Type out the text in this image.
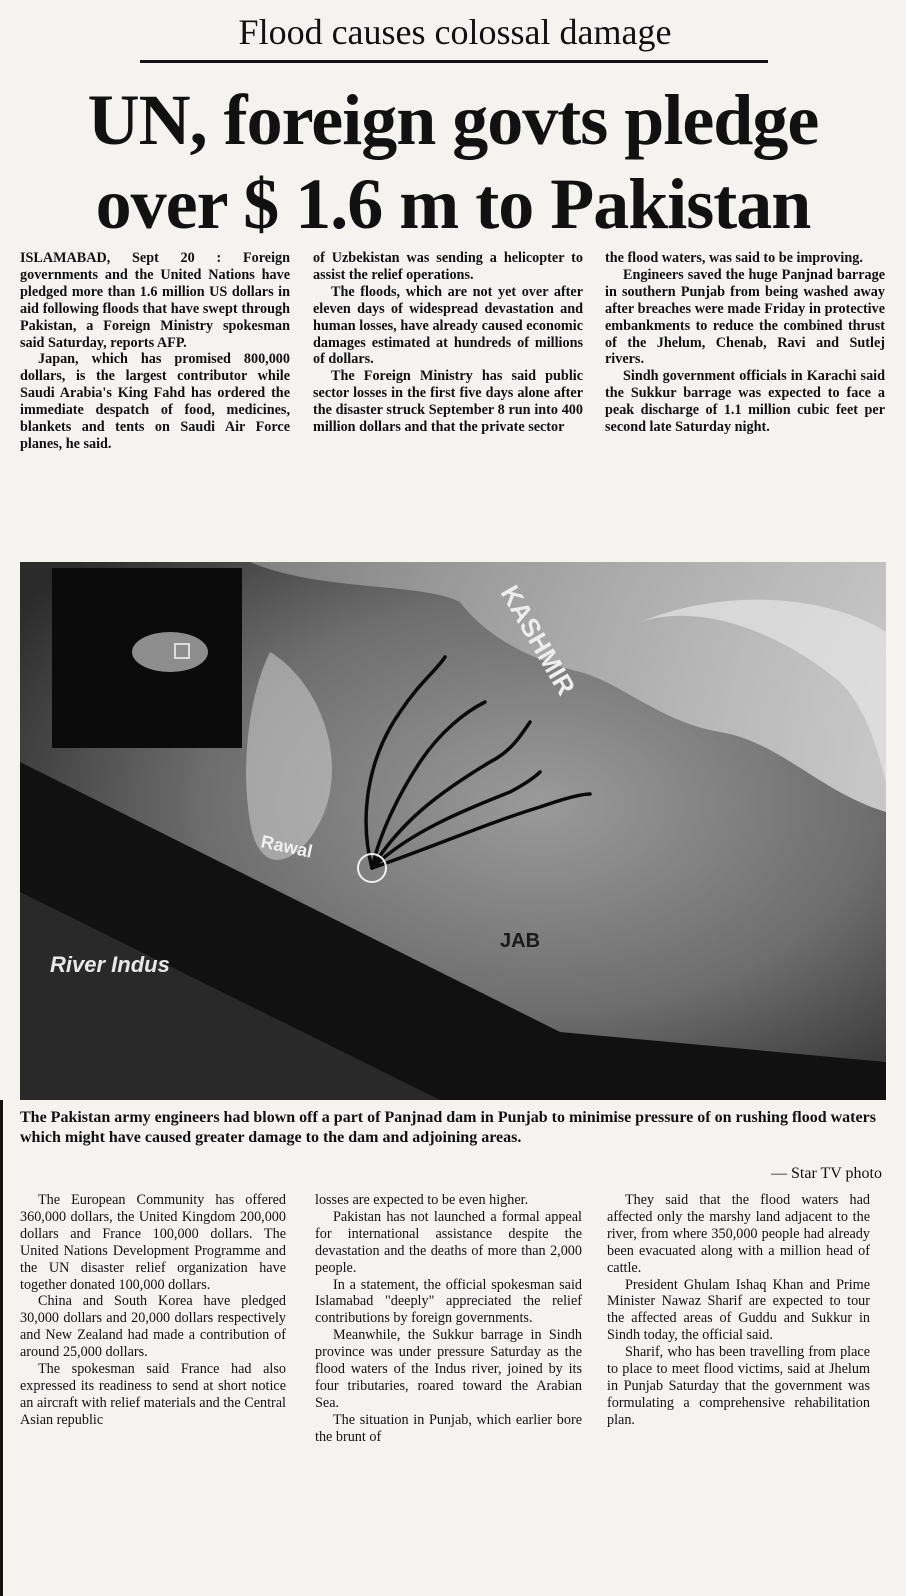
Flood causes colossal damage
UN, foreign govts pledge
over $ 1.6 m to Pakistan

ISLAMABAD, Sept 20 : Foreign governments and the United Nations have pledged more than 1.6 million US dollars in aid following floods that have swept through Pakistan, a Foreign Ministry spokesman said Saturday, reports AFP.

Japan, which has promised 800,000 dollars, is the largest contributor while Saudi Arabia's King Fahd has ordered the immediate despatch of food, medicines, blankets and tents on Saudi Air Force planes, he said.

of Uzbekistan was sending a helicopter to assist the relief operations.

The floods, which are not yet over after eleven days of widespread devastation and human losses, have already caused economic damages estimated at hundreds of millions of dollars.

The Foreign Ministry has said public sector losses in the first five days alone after the disaster struck September 8 run into 400 million dollars and that the private sector

the flood waters, was said to be improving.

Engineers saved the huge Panjnad barrage in southern Punjab from being washed away after breaches were made Friday in protective embankments to reduce the combined thrust of the Jhelum, Chenab, Ravi and Sutlej rivers.

Sindh government officials in Karachi said the Sukkur barrage was expected to face a peak discharge of 1.1 million cubic feet per second late Saturday night.

KASHMIR
River Indus
JAB
Rawal
The Pakistan army engineers had blown off a part of Panjnad dam in Punjab to minimise pressure of on rushing flood waters which might have caused greater damage to the dam and adjoining areas.
— Star TV photo

The European Community has offered 360,000 dollars, the United Kingdom 200,000 dollars and France 100,000 dollars. The United Nations Development Programme and the UN disaster relief organization have together donated 100,000 dollars.

China and South Korea have pledged 30,000 dollars and 20,000 dollars respectively and New Zealand had made a contribution of around 25,000 dollars.

The spokesman said France had also expressed its readiness to send at short notice an aircraft with relief materials and the Central Asian republic

losses are expected to be even higher.

Pakistan has not launched a formal appeal for international assistance despite the devastation and the deaths of more than 2,000 people.

In a statement, the official spokesman said Islamabad "deeply" appreciated the relief contributions by foreign governments.

Meanwhile, the Sukkur barrage in Sindh province was under pressure Saturday as the flood waters of the Indus river, joined by its four tributaries, roared toward the Arabian Sea.

The situation in Punjab, which earlier bore the brunt of

They said that the flood waters had affected only the marshy land adjacent to the river, from where 350,000 people had already been evacuated along with a million head of cattle.

President Ghulam Ishaq Khan and Prime Minister Nawaz Sharif are expected to tour the affected areas of Guddu and Sukkur in Sindh today, the official said.

Sharif, who has been travelling from place to place to meet flood victims, said at Jhelum in Punjab Saturday that the government was formulating a comprehensive rehabilitation plan.
